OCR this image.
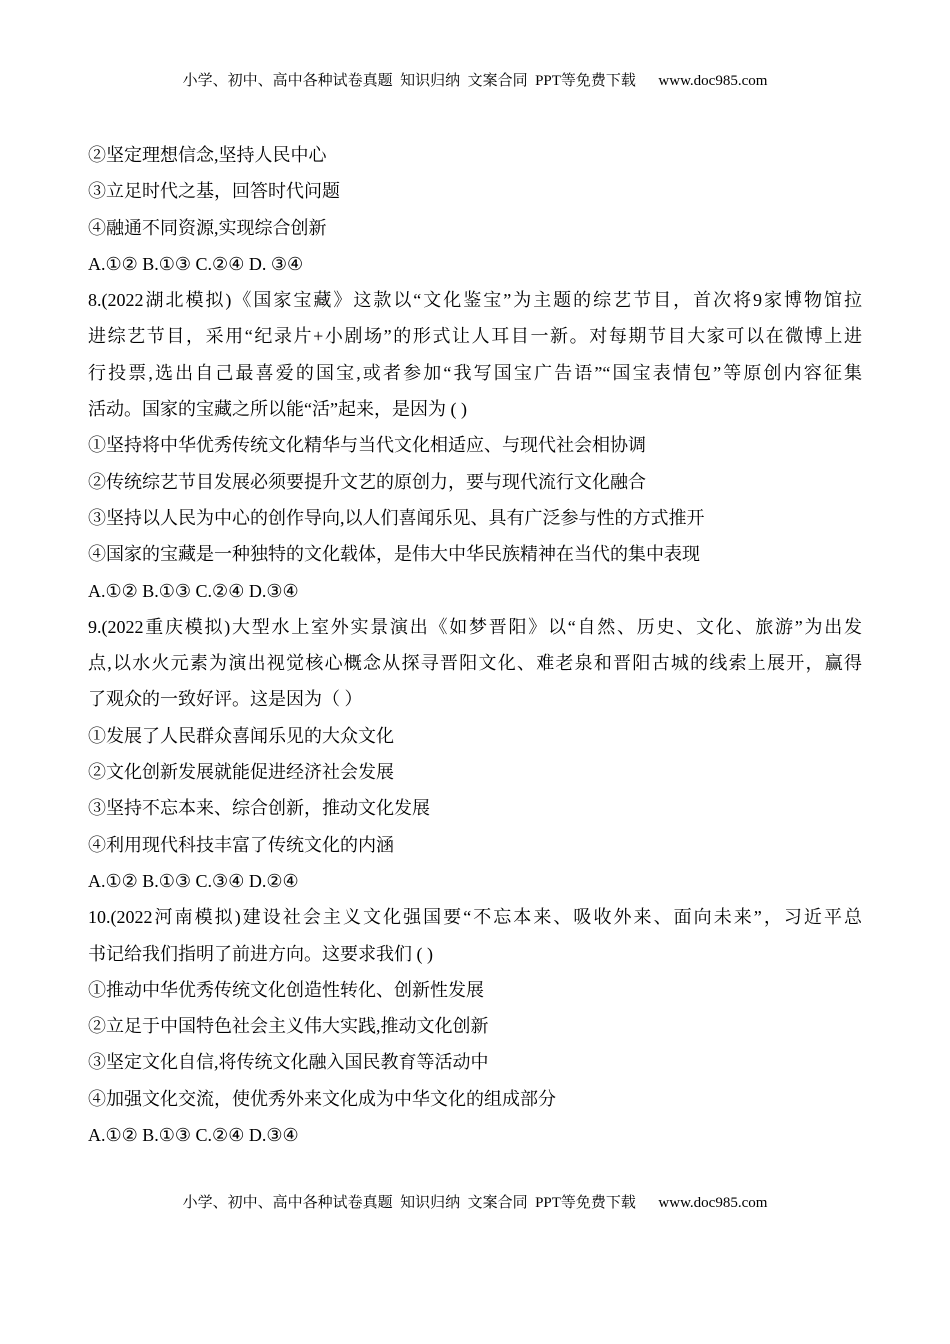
小学、初中、高中各种试卷真题  知识归纳  文案合同  PPT等免费下载      www.doc985.com
②坚定理想信念,坚持人民中心
③立足时代之基，回答时代问题
④融通不同资源,实现综合创新
A.①② B.①③ C.②④ D. ③④
8.(2022湖北模拟)《国家宝藏》这款以“文化鉴宝”为主题的综艺节目，首次将9家博物馆拉
进综艺节目，采用“纪录片+小剧场”的形式让人耳目一新。对每期节目大家可以在微博上进
行投票,选出自己最喜爱的国宝,或者参加“我写国宝广告语”“国宝表情包”等原创内容征集
活动。国家的宝藏之所以能“活”起来，是因为 ( )
①坚持将中华优秀传统文化精华与当代文化相适应、与现代社会相协调
②传统综艺节目发展必须要提升文艺的原创力，要与现代流行文化融合
③坚持以人民为中心的创作导向,以人们喜闻乐见、具有广泛参与性的方式推开
④国家的宝藏是一种独特的文化载体，是伟大中华民族精神在当代的集中表现
A.①② B.①③ C.②④ D.③④
9.(2022重庆模拟)大型水上室外实景演出《如梦晋阳》以“自然、历史、文化、旅游”为出发
点,以水火元素为演出视觉核心概念从探寻晋阳文化、难老泉和晋阳古城的线索上展开，赢得
了观众的一致好评。这是因为（ ）
①发展了人民群众喜闻乐见的大众文化
②文化创新发展就能促进经济社会发展
③坚持不忘本来、综合创新，推动文化发展
④利用现代科技丰富了传统文化的内涵
A.①② B.①③ C.③④ D.②④
10.(2022河南模拟)建设社会主义文化强国要“不忘本来、吸收外来、面向未来”，习近平总
书记给我们指明了前进方向。这要求我们 ( )
①推动中华优秀传统文化创造性转化、创新性发展
②立足于中国特色社会主义伟大实践,推动文化创新
③坚定文化自信,将传统文化融入国民教育等活动中
④加强文化交流，使优秀外来文化成为中华文化的组成部分
A.①② B.①③ C.②④ D.③④
小学、初中、高中各种试卷真题  知识归纳  文案合同  PPT等免费下载      www.doc985.com
